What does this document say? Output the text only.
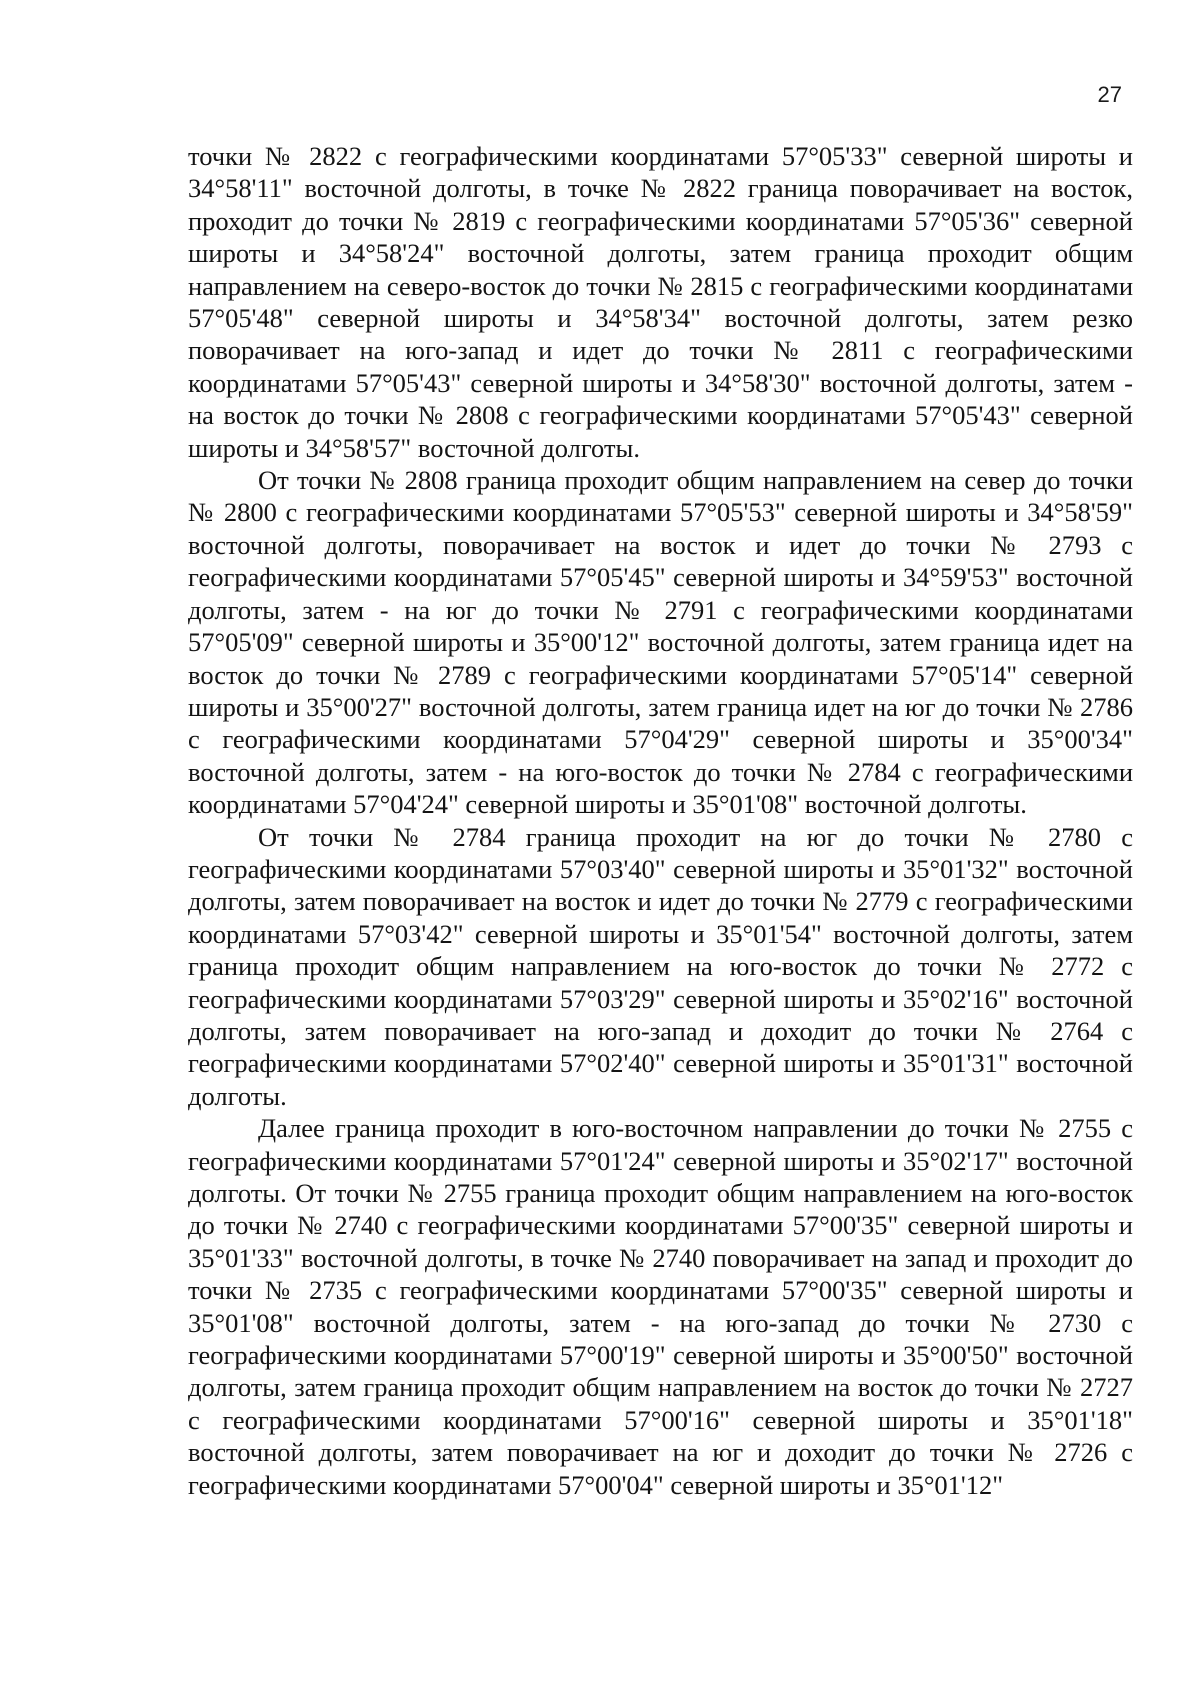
27

точки № 2822 с географическими координатами 57°05'33" северной широты и 34°58'11" восточной долготы, в точке № 2822 граница поворачивает на восток, проходит до точки № 2819 с географическими координатами 57°05'36" северной широты и 34°58'24" восточной долготы, затем граница проходит общим направлением на северо-восток до точки № 2815 с географическими координатами 57°05'48" северной широты и 34°58'34" восточной долготы, затем резко поворачивает на юго-запад и идет до точки № 2811 с географическими координатами 57°05'43" северной широты и 34°58'30" восточной долготы, затем - на восток до точки № 2808 с географическими координатами 57°05'43" северной широты и 34°58'57" восточной долготы.

От точки № 2808 граница проходит общим направлением на север до точки № 2800 с географическими координатами 57°05'53" северной широты и 34°58'59" восточной долготы, поворачивает на восток и идет до точки № 2793 с географическими координатами 57°05'45" северной широты и 34°59'53" восточной долготы, затем - на юг до точки № 2791 с географическими координатами 57°05'09" северной широты и 35°00'12" восточной долготы, затем граница идет на восток до точки № 2789 с географическими координатами 57°05'14" северной широты и 35°00'27" восточной долготы, затем граница идет на юг до точки № 2786 с географическими координатами 57°04'29" северной широты и 35°00'34" восточной долготы, затем - на юго-восток до точки № 2784 с географическими координатами 57°04'24" северной широты и 35°01'08" восточной долготы.

От точки № 2784 граница проходит на юг до точки № 2780 с географическими координатами 57°03'40" северной широты и 35°01'32" восточной долготы, затем поворачивает на восток и идет до точки № 2779 с географическими координатами 57°03'42" северной широты и 35°01'54" восточной долготы, затем граница проходит общим направлением на юго-восток до точки № 2772 с географическими координатами 57°03'29" северной широты и 35°02'16" восточной долготы, затем поворачивает на юго-запад и доходит до точки № 2764 с географическими координатами 57°02'40" северной широты и 35°01'31" восточной долготы.

Далее граница проходит в юго-восточном направлении до точки № 2755 с географическими координатами 57°01'24" северной широты и 35°02'17" восточной долготы. От точки № 2755 граница проходит общим направлением на юго-восток до точки № 2740 с географическими координатами 57°00'35" северной широты и 35°01'33" восточной долготы, в точке № 2740 поворачивает на запад и проходит до точки № 2735 с географическими координатами 57°00'35" северной широты и 35°01'08" восточной долготы, затем - на юго-запад до точки № 2730 с географическими координатами 57°00'19" северной широты и 35°00'50" восточной долготы, затем граница проходит общим направлением на восток до точки № 2727 с географическими координатами 57°00'16" северной широты и 35°01'18" восточной долготы, затем поворачивает на юг и доходит до точки № 2726 с географическими координатами 57°00'04" северной широты и 35°01'12"
